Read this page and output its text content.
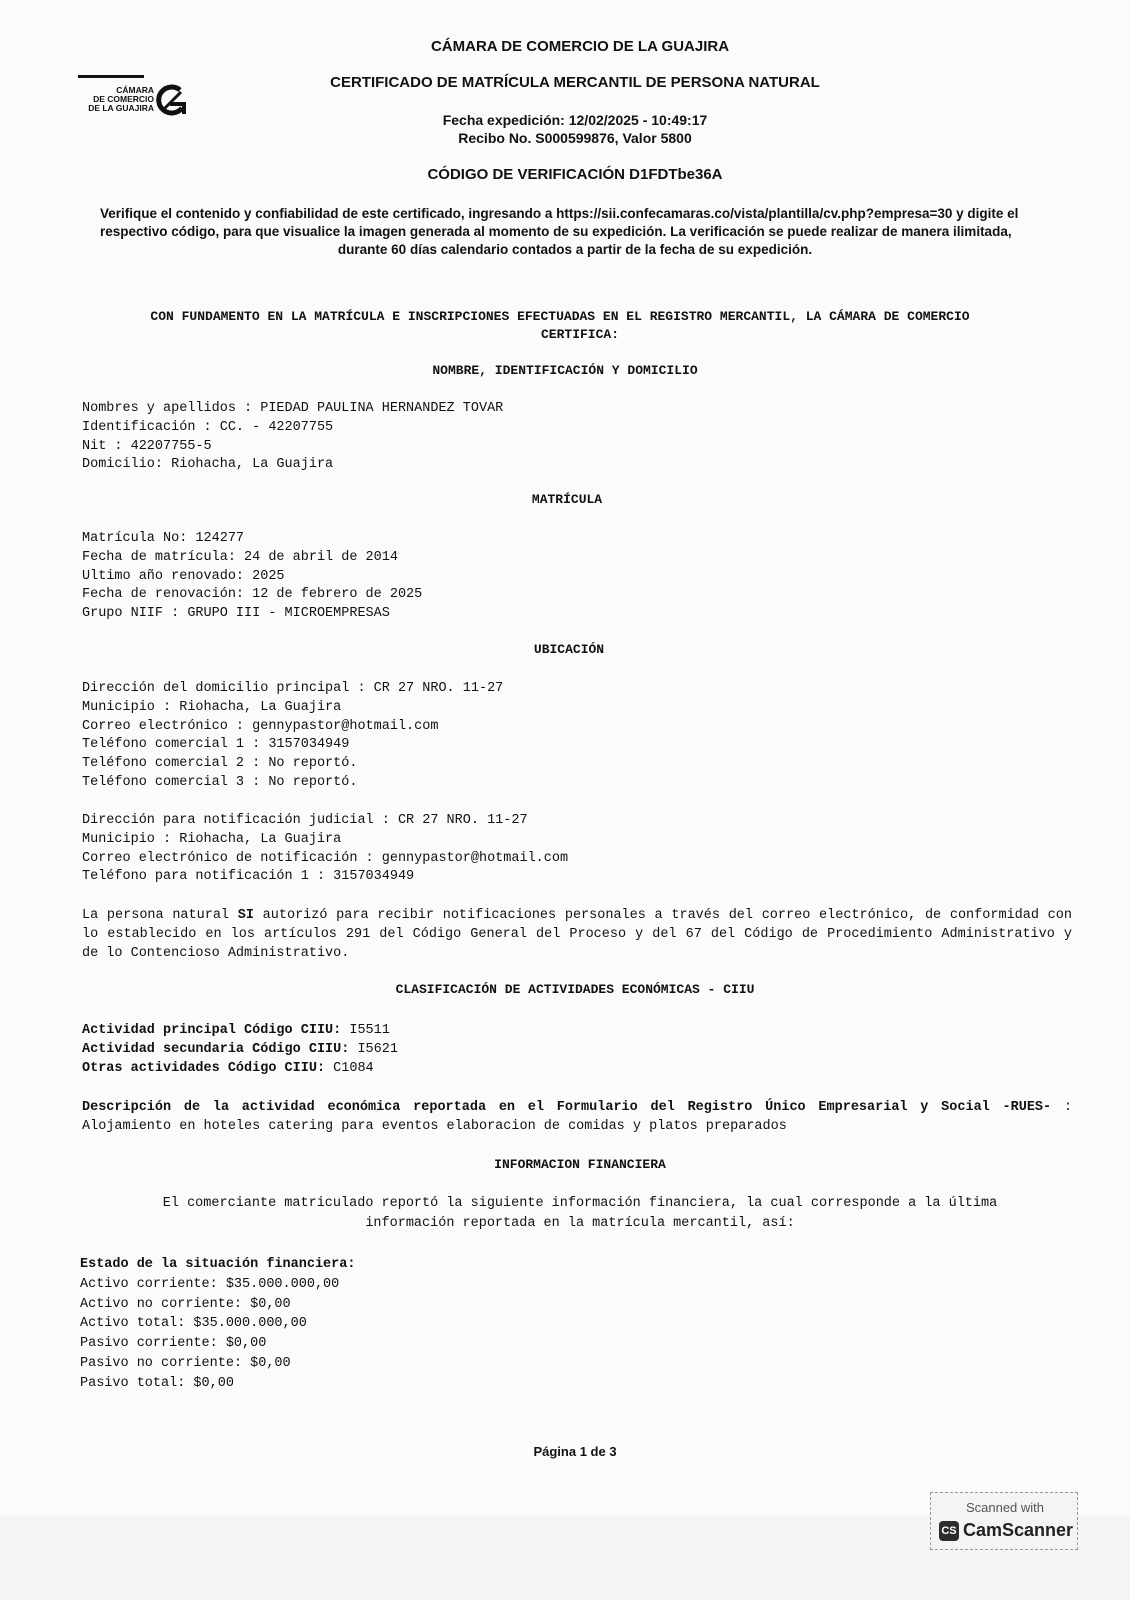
CÁMARA
DE COMERCIO
DE LA GUAJIRA
CÁMARA DE COMERCIO DE LA GUAJIRA
CERTIFICADO DE MATRÍCULA MERCANTIL DE PERSONA NATURAL
Fecha expedición: 12/02/2025 - 10:49:17
Recibo No. S000599876, Valor 5800
CÓDIGO DE VERIFICACIÓN D1FDTbe36A

Verifique el contenido y confiabilidad de este certificado, ingresando a https://sii.confecamaras.co/vista/plantilla/cv.php?empresa=30 y digite el

respectivo código, para que visualice la imagen generada al momento de su expedición. La verificación se puede realizar de manera ilimitada,

durante 60 días calendario contados a partir de la fecha de su expedición.

CON FUNDAMENTO EN LA MATRÍCULA E INSCRIPCIONES EFECTUADAS EN EL REGISTRO MERCANTIL, LA CÁMARA DE COMERCIO
CERTIFICA:
NOMBRE, IDENTIFICACIÓN Y DOMICILIO
Nombres y apellidos : PIEDAD PAULINA HERNANDEZ TOVAR
Identificación : CC. - 42207755
Nit : 42207755-5
Domicilio: Riohacha, La Guajira
MATRÍCULA
Matrícula No: 124277
Fecha de matrícula: 24 de abril de 2014
Ultimo año renovado: 2025
Fecha de renovación: 12 de febrero de 2025
Grupo NIIF : GRUPO III - MICROEMPRESAS
UBICACIÓN
Dirección del domicilio principal : CR 27 NRO. 11-27
Municipio : Riohacha, La Guajira
Correo electrónico : gennypastor@hotmail.com
Teléfono comercial 1 : 3157034949
Teléfono comercial 2 : No reportó.
Teléfono comercial 3 : No reportó.
Dirección para notificación judicial : CR 27 NRO. 11-27
Municipio : Riohacha, La Guajira
Correo electrónico de notificación : gennypastor@hotmail.com
Teléfono para notificación 1 : 3157034949
La persona natural SI autorizó para recibir notificaciones personales a través del correo electrónico, de conformidad con lo establecido en los artículos 291 del Código General del Proceso y del 67 del Código de Procedimiento Administrativo y de lo Contencioso Administrativo.
CLASIFICACIÓN DE ACTIVIDADES ECONÓMICAS - CIIU
Actividad principal Código CIIU: I5511
Actividad secundaria Código CIIU: I5621
Otras actividades Código CIIU: C1084
Descripción de la actividad económica reportada en el Formulario del Registro Único Empresarial y Social -RUES- : Alojamiento en hoteles catering para eventos elaboracion de comidas y platos preparados
INFORMACION FINANCIERA
El comerciante matriculado reportó la siguiente información financiera, la cual corresponde a la última
información reportada en la matrícula mercantil, así:
Estado de la situación financiera:
Activo corriente: $35.000.000,00
Activo no corriente: $0,00
Activo total: $35.000.000,00
Pasivo corriente: $0,00
Pasivo no corriente: $0,00
Pasivo total: $0,00
Página 1 de 3
Scanned with
CS CamScanner
